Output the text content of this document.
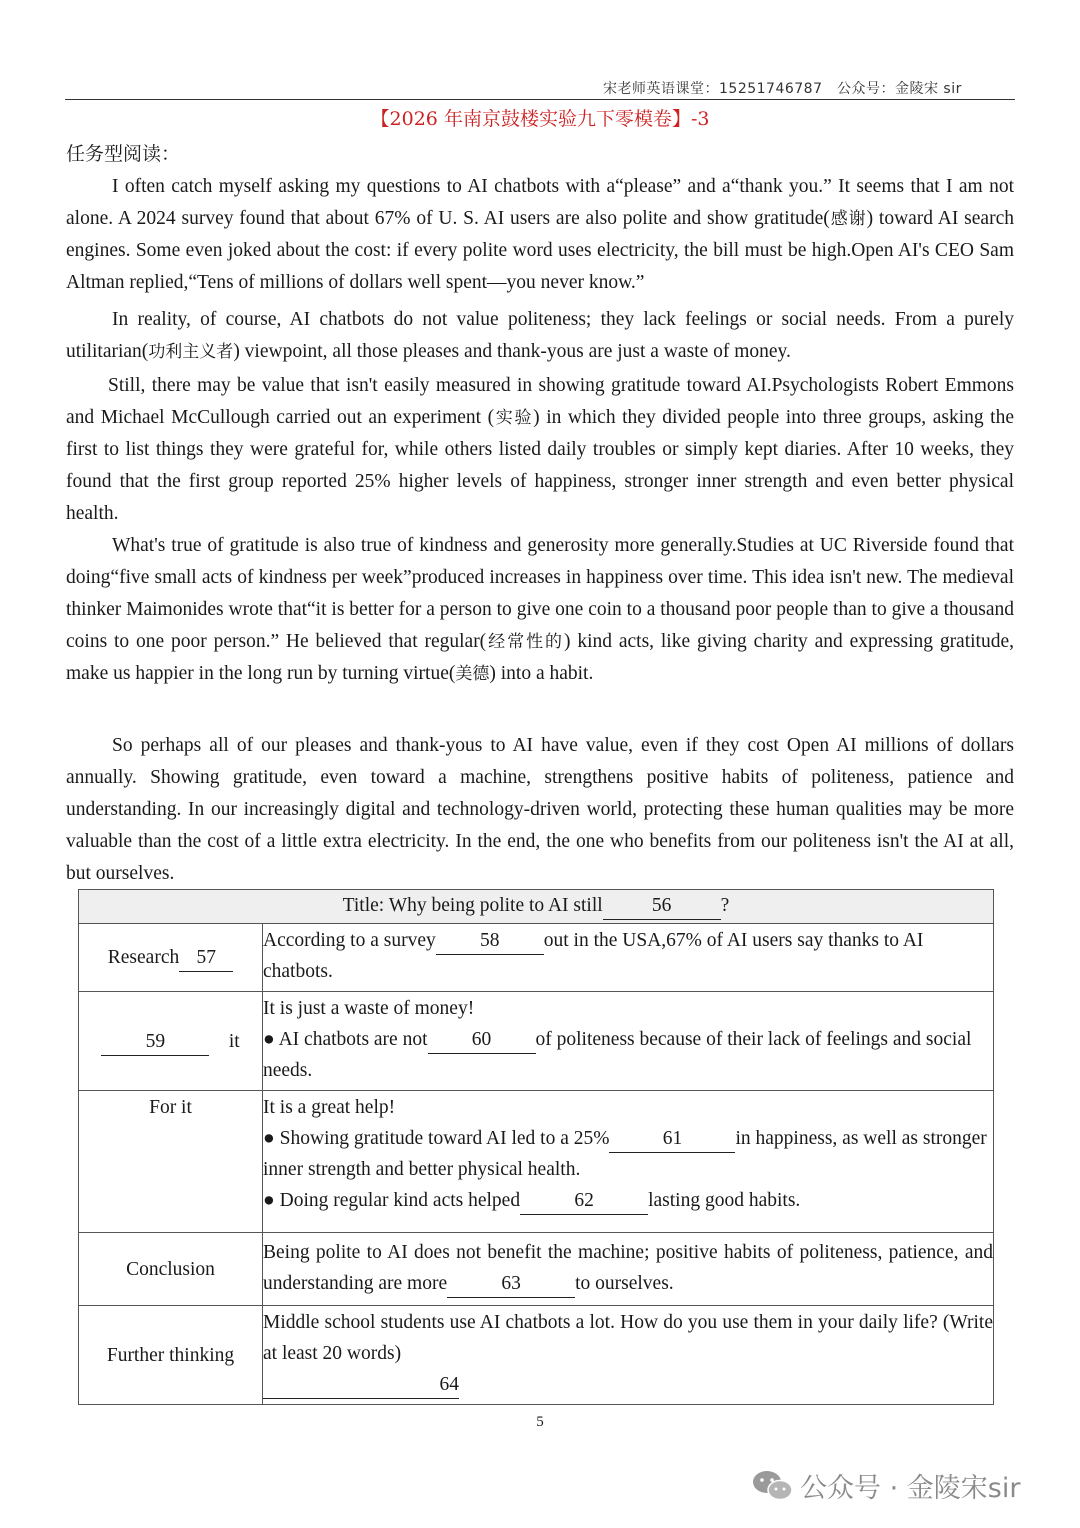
宋老师英语课堂：15251746787　公众号：金陵宋 sir
【2026 年南京鼓楼实验九下零模卷】-3
任务型阅读：
I often catch myself asking my questions to AI chatbots with a“please” and a“thank you.” It seems that I am not alone. A 2024 survey found that about 67% of U. S. AI users are also polite and show gratitude(感谢) toward AI search engines. Some even joked about the cost: if every polite word uses electricity, the bill must be high.Open AI's CEO Sam Altman replied,“Tens of millions of dollars well spent—you never know.”
In reality, of course, AI chatbots do not value politeness; they lack feelings or social needs. From a purely utilitarian(功利主义者) viewpoint, all those pleases and thank-yous are just a waste of money.
Still, there may be value that isn't easily measured in showing gratitude toward AI.Psychologists Robert Emmons and Michael McCullough carried out an experiment (实验) in which they divided people into three groups, asking the first to list things they were grateful for, while others listed daily troubles or simply kept diaries. After 10 weeks, they found that the first group reported 25% higher levels of happiness, stronger inner strength and even better physical health.
What's true of gratitude is also true of kindness and generosity more generally.Studies at UC Riverside found that doing“five small acts of kindness per week”produced increases in happiness over time. This idea isn't new. The medieval thinker Maimonides wrote that“it is better for a person to give one coin to a thousand poor people than to give a thousand coins to one poor person.” He believed that regular(经常性的) kind acts, like giving charity and expressing gratitude, make us happier in the long run by turning virtue(美德) into a habit.
So perhaps all of our pleases and thank-yous to AI have value, even if they cost Open AI millions of dollars annually. Showing gratitude, even toward a machine, strengthens positive habits of politeness, patience and understanding. In our increasingly digital and technology-driven world, protecting these human qualities may be more valuable than the cost of a little extra electricity. In the end, the one who benefits from our politeness isn't the AI at all, but ourselves.
Title: Why being polite to AI still 56 ?	
Research 57	According to a survey 58 out in the USA,67% of AI users say thanks to AI chatbots.
59 it	It is just a waste of money!
● AI chatbots are not 60 of politeness because of their lack of feelings and social needs.

For it	It is a great help!
● Showing gratitude toward AI led to a 25% 61 in happiness, as well as stronger inner strength and better physical health.
● Doing regular kind acts helped 62 lasting good habits.

Conclusion	Being polite to AI does not benefit the machine; positive habits of politeness, patience, and understanding are more 63 to ourselves.
Further thinking	Middle school students use AI chatbots a lot. How do you use them in your daily life? (Write at least 20 words)
64
5
公众号 · 金陵宋sir
